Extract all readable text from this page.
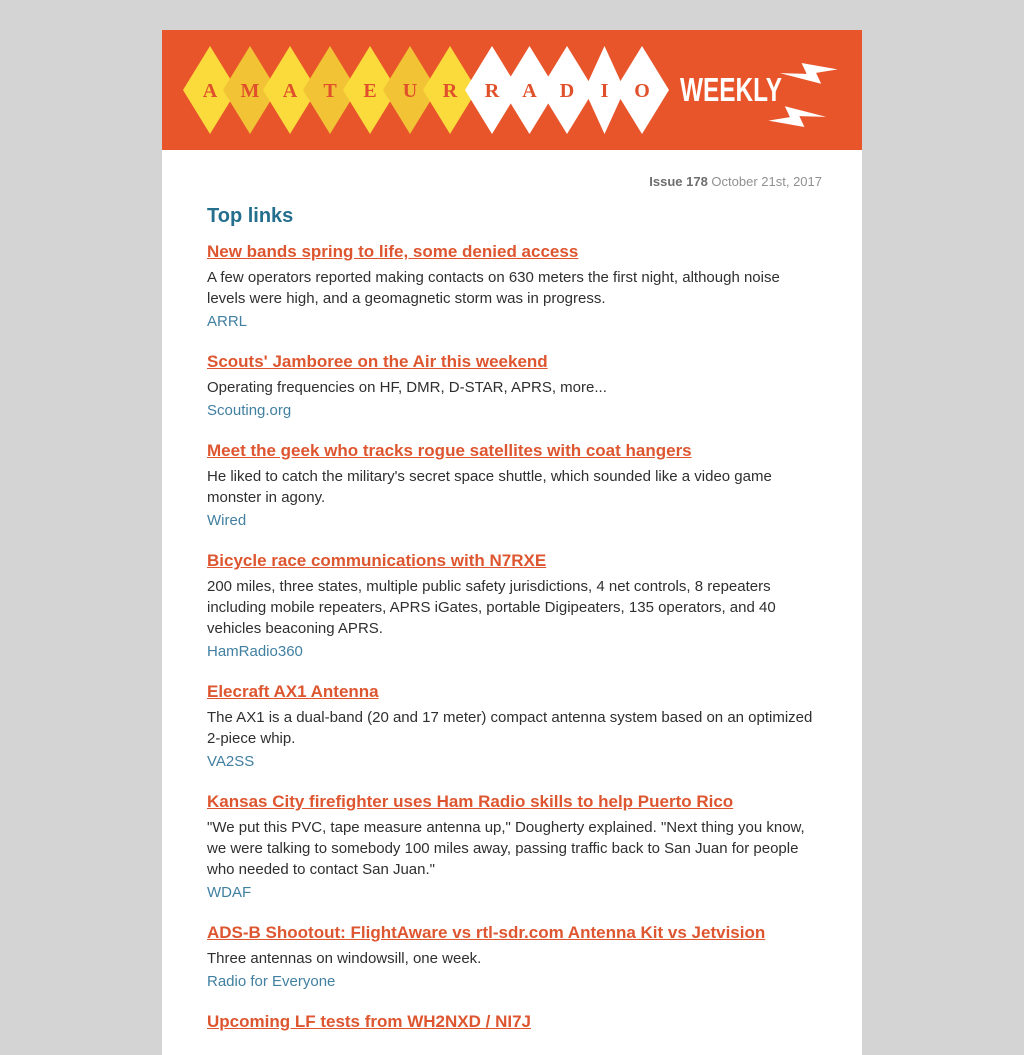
A M A T E U R R A D I O WEEKLY
Issue 178 October 21st, 2017
Top links
New bands spring to life, some denied access

A few operators reported making contacts on 630 meters the first night, although noise levels were high, and a geomagnetic storm was in progress.

ARRL
Scouts' Jamboree on the Air this weekend

Operating frequencies on HF, DMR, D-STAR, APRS, more...

Scouting.org
Meet the geek who tracks rogue satellites with coat hangers

He liked to catch the military's secret space shuttle, which sounded like a video game monster in agony.

Wired
Bicycle race communications with N7RXE

200 miles, three states, multiple public safety jurisdictions, 4 net controls, 8 repeaters including mobile repeaters, APRS iGates, portable Digipeaters, 135 operators, and 40 vehicles beaconing APRS.

HamRadio360
Elecraft AX1 Antenna

The AX1 is a dual-band (20 and 17 meter) compact antenna system based on an optimized 2-piece whip.

VA2SS
Kansas City firefighter uses Ham Radio skills to help Puerto Rico

"We put this PVC, tape measure antenna up," Dougherty explained. "Next thing you know, we were talking to somebody 100 miles away, passing traffic back to San Juan for people who needed to contact San Juan."

WDAF
ADS-B Shootout: FlightAware vs rtl-sdr.com Antenna Kit vs Jetvision

Three antennas on windowsill, one week.

Radio for Everyone
Upcoming LF tests from WH2NXD / NI7J
